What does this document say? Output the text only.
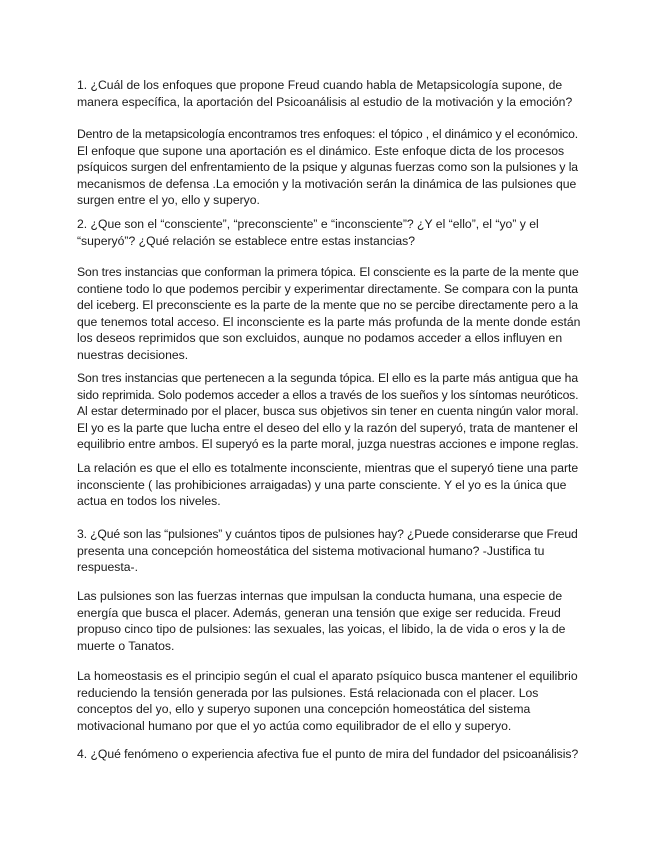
1. ¿Cuál de los enfoques que propone Freud cuando habla de Metapsicología supone, de
manera específica, la aportación del Psicoanálisis al estudio de la motivación y la emoción?

Dentro de la metapsicología encontramos tres enfoques: el tópico , el dinámico y el económico.
El enfoque que supone una aportación es el dinámico. Este enfoque dicta de los procesos
psíquicos surgen del enfrentamiento de la psique y algunas fuerzas como son la pulsiones y la
mecanismos de defensa .La emoción y la motivación serán la dinámica de las pulsiones que
surgen entre el yo, ello y superyo.

2. ¿Que son el “consciente”, “preconsciente” e “inconsciente”? ¿Y el “ello”, el “yo” y el
“superyó”? ¿Qué relación se establece entre estas instancias?

Son tres instancias que conforman la primera tópica. El consciente es la parte de la mente que
contiene todo lo que podemos percibir y experimentar directamente. Se compara con la punta
del iceberg. El preconsciente es la parte de la mente que no se percibe directamente pero a la
que tenemos total acceso. El inconsciente es la parte más profunda de la mente donde están
los deseos reprimidos que son excluidos, aunque no podamos acceder a ellos influyen en
nuestras decisiones.

Son tres instancias que pertenecen a la segunda tópica. El ello es la parte más antigua que ha
sido reprimida. Solo podemos acceder a ellos a través de los sueños y los síntomas neuróticos.
Al estar determinado por el placer, busca sus objetivos sin tener en cuenta ningún valor moral.
El yo es la parte que lucha entre el deseo del ello y la razón del superyó, trata de mantener el
equilibrio entre ambos. El superyó es la parte moral, juzga nuestras acciones e impone reglas.

La relación es que el ello es totalmente inconsciente, mientras que el superyó tiene una parte
inconsciente ( las prohibiciones arraigadas) y una parte consciente. Y el yo es la única que
actua en todos los niveles.

3. ¿Qué son las “pulsiones” y cuántos tipos de pulsiones hay? ¿Puede considerarse que Freud
presenta una concepción homeostática del sistema motivacional humano? -Justifica tu
respuesta-.

Las pulsiones son las fuerzas internas que impulsan la conducta humana, una especie de
energía que busca el placer. Además, generan una tensión que exige ser reducida. Freud
propuso cinco tipo de pulsiones: las sexuales, las yoicas, el libido, la de vida o eros y la de
muerte o Tanatos.

La homeostasis es el principio según el cual el aparato psíquico busca mantener el equilibrio
reduciendo la tensión generada por las pulsiones. Está relacionada con el placer. Los
conceptos del yo, ello y superyo suponen una concepción homeostática del sistema
motivacional humano por que el yo actúa como equilibrador de el ello y superyo.

4. ¿Qué fenómeno o experiencia afectiva fue el punto de mira del fundador del psicoanálisis?
